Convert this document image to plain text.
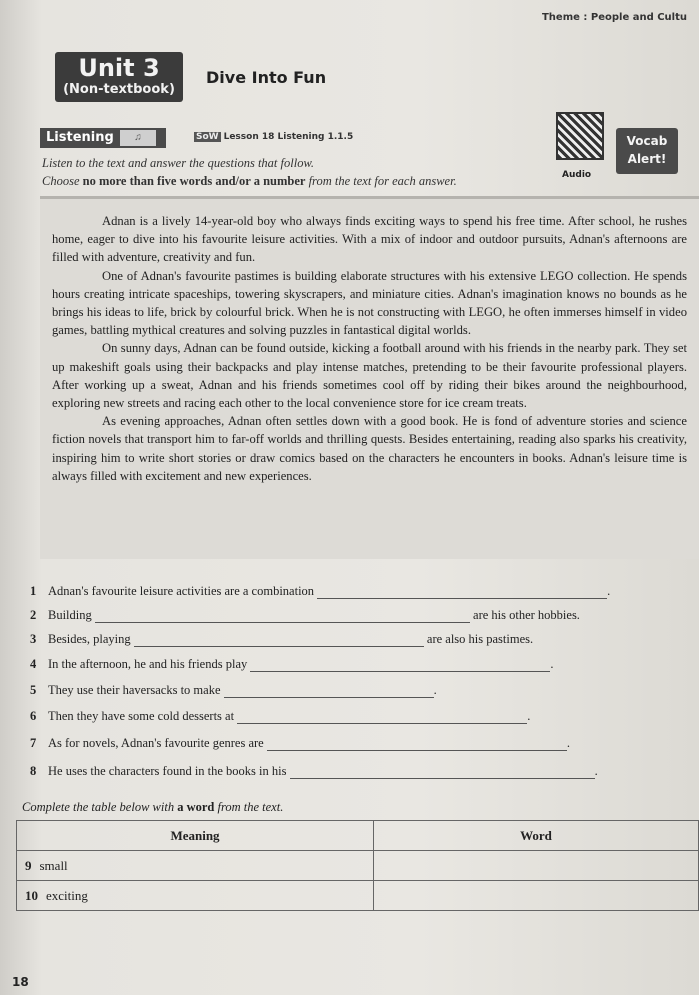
Theme : People and Cultu
Unit 3
(Non-textbook)
Dive Into Fun
Listening	♫	SoW Lesson 18 Listening 1.1.5
Audio
Vocab
Alert!
Listen to the text and answer the questions that follow.
Choose no more than five words and/or a number from the text for each answer.

Adnan is a lively 14-year-old boy who always finds exciting ways to spend his free time. After school, he rushes home, eager to dive into his favourite leisure activities. With a mix of indoor and outdoor pursuits, Adnan's afternoons are filled with adventure, creativity and fun.

One of Adnan's favourite pastimes is building elaborate structures with his extensive LEGO collection. He spends hours creating intricate spaceships, towering skyscrapers, and miniature cities. Adnan's imagination knows no bounds as he brings his ideas to life, brick by colourful brick. When he is not constructing with LEGO, he often immerses himself in video games, battling mythical creatures and solving puzzles in fantastical digital worlds.

On sunny days, Adnan can be found outside, kicking a football around with his friends in the nearby park. They set up makeshift goals using their backpacks and play intense matches, pretending to be their favourite professional players. After working up a sweat, Adnan and his friends sometimes cool off by riding their bikes around the neighbourhood, exploring new streets and racing each other to the local convenience store for ice cream treats.

As evening approaches, Adnan often settles down with a good book. He is fond of adventure stories and science fiction novels that transport him to far-off worlds and thrilling quests. Besides entertaining, reading also sparks his creativity, inspiring him to write short stories or draw comics based on the characters he encounters in books. Adnan's leisure time is always filled with excitement and new experiences.

1 Adnan's favourite leisure activities are a combination	.
2 Building	are his other hobbies.
3 Besides, playing	are also his pastimes.
4 In the afternoon, he and his friends play	.
5 They use their haversacks to make	.
6 Then they have some cold desserts at	.
7 As for novels, Adnan's favourite genres are	.
8 He uses the characters found in the books in his	.
Complete the table below with a word from the text.
Meaning	Word
9 small	
10 exciting	
18
